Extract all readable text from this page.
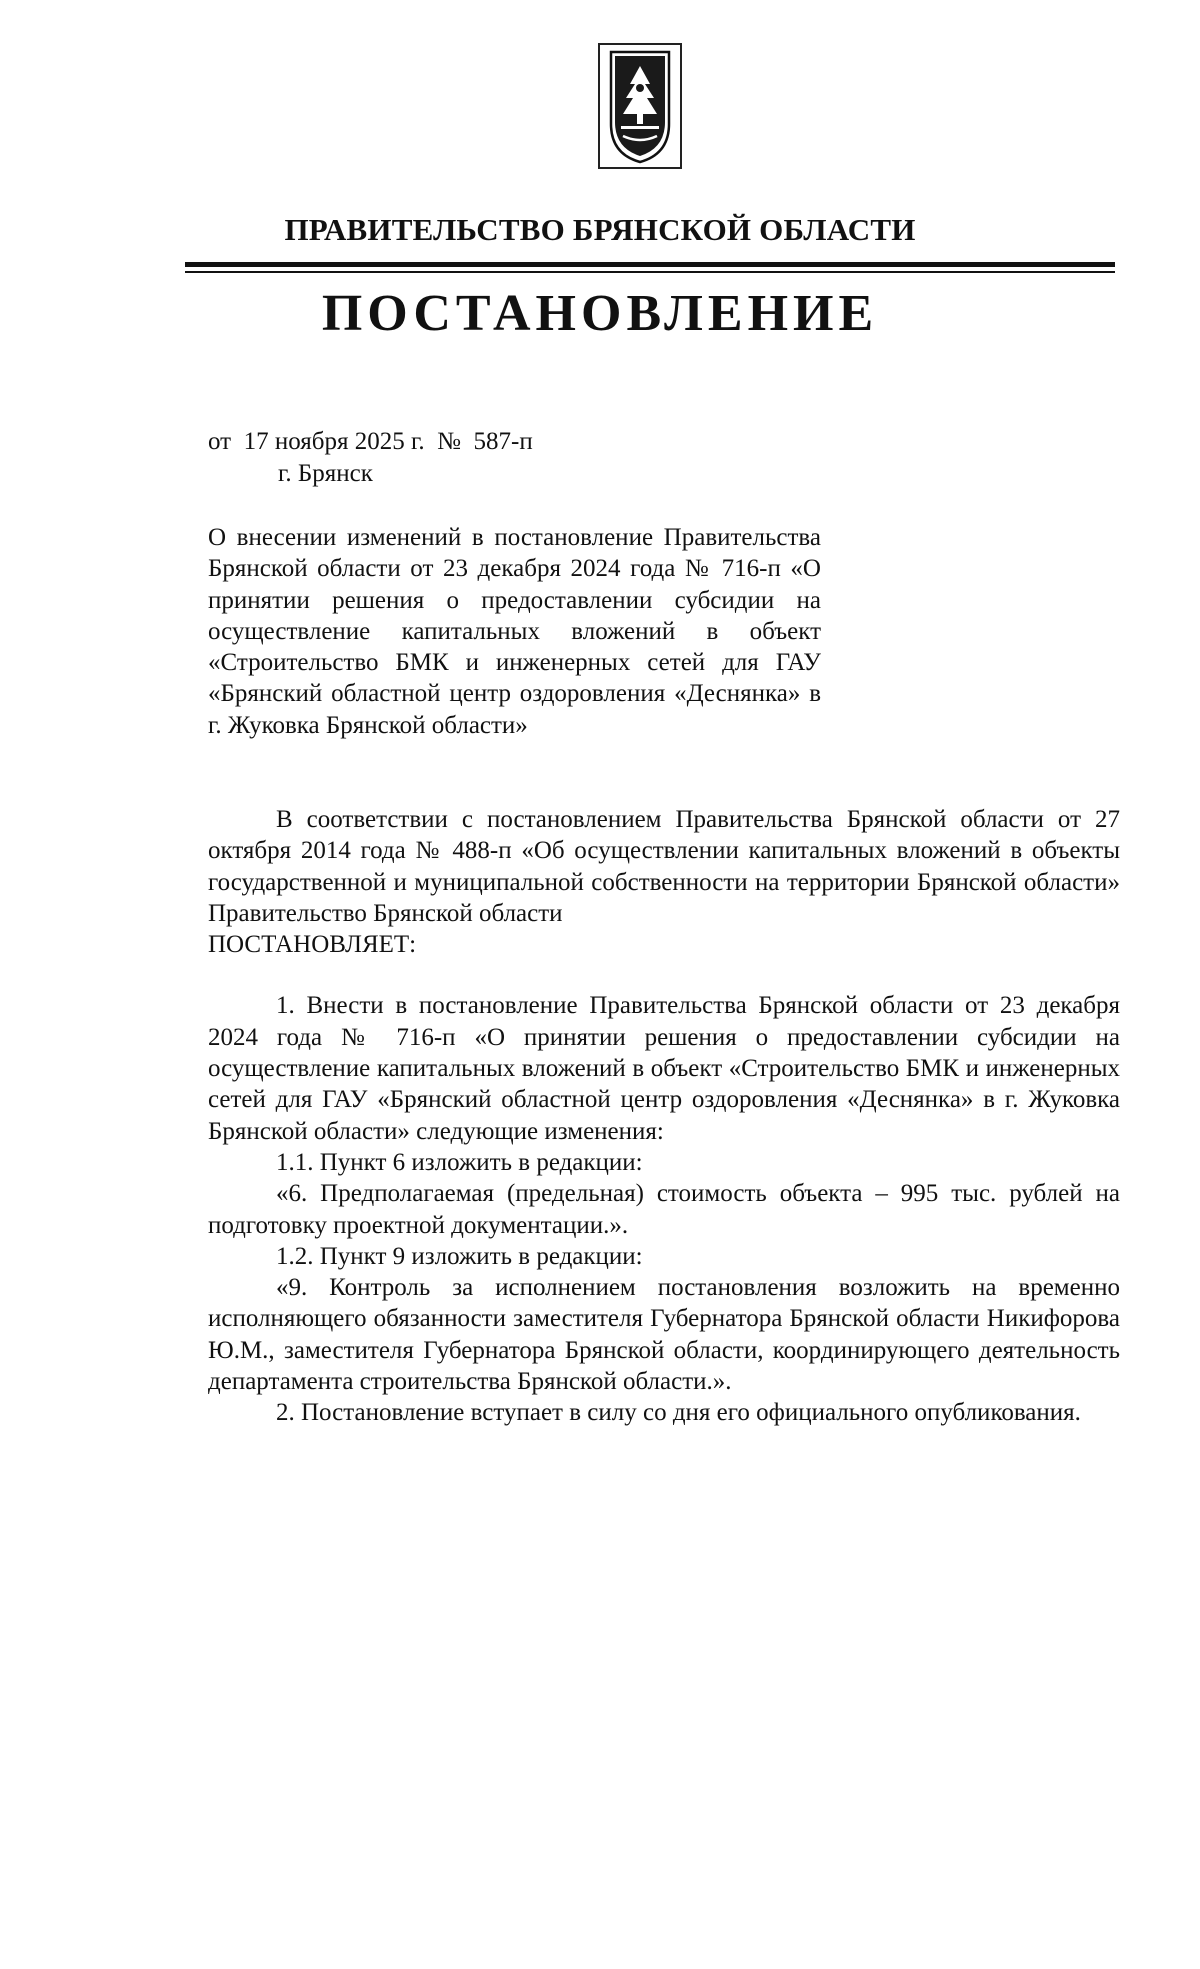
ПРАВИТЕЛЬСТВО БРЯНСКОЙ ОБЛАСТИ
ПОСТАНОВЛЕНИЕ
от  17 ноября 2025 г.  №  587-п
г. Брянск
О внесении изменений в постановление Правительства Брянской области от 23 декабря 2024 года № 716-п «О принятии решения о предоставлении субсидии на осуществление капитальных вложений в объект «Строительство БМК и инженерных сетей для ГАУ «Брянский областной центр оздоровления «Деснянка» в г. Жуковка Брянской области»

В соответствии с постановлением Правительства Брянской области от 27 октября 2014 года № 488-п «Об осуществлении капитальных вложений в объекты государственной и муниципальной собственности на территории Брянской области» Правительство Брянской области

ПОСТАНОВЛЯЕТ:

1. Внести в постановление Правительства Брянской области от 23 декабря 2024 года № 716-п «О принятии решения о предоставлении субсидии на осуществление капитальных вложений в объект «Строительство БМК и инженерных сетей для ГАУ «Брянский областной центр оздоровления «Деснянка» в г. Жуковка Брянской области» следующие изменения:

1.1. Пункт 6 изложить в редакции:

«6. Предполагаемая (предельная) стоимость объекта – 995 тыс. рублей на подготовку проектной документации.».

1.2. Пункт 9 изложить в редакции:

«9. Контроль за исполнением постановления возложить на временно исполняющего обязанности заместителя Губернатора Брянской области Никифорова Ю.М., заместителя Губернатора Брянской области, координирующего деятельность департамента строительства Брянской области.».

2. Постановление вступает в силу со дня его официального опубликования.
